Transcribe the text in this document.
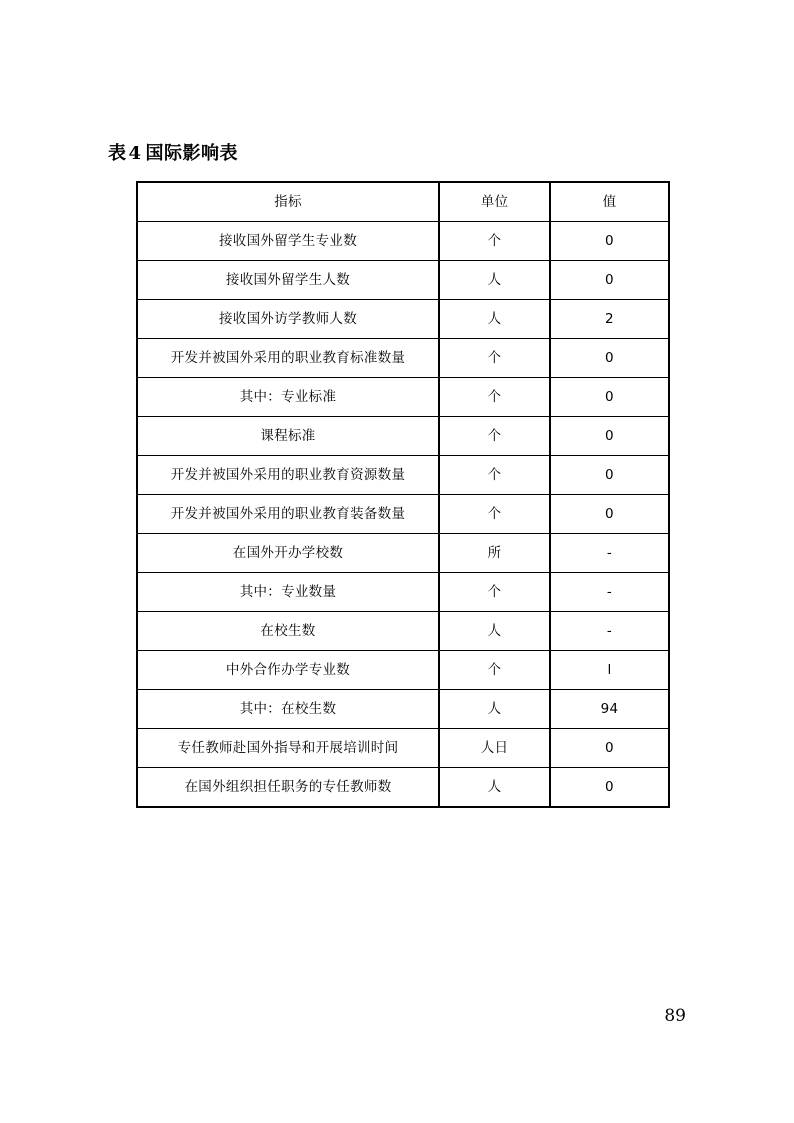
表 4 国际影响表
指标	单位	值
接收国外留学生专业数	个	0
接收国外留学生人数	人	0
接收国外访学教师人数	人	2
开发并被国外采用的职业教育标准数量	个	0
其中：专业标准	个	0
课程标准	个	0
开发并被国外采用的职业教育资源数量	个	0
开发并被国外采用的职业教育装备数量	个	0
在国外开办学校数	所	-
其中：专业数量	个	-
在校生数	人	-
中外合作办学专业数	个	l
其中：在校生数	人	94
专任教师赴国外指导和开展培训时间	人日	0
在国外组织担任职务的专任教师数	人	0
89
